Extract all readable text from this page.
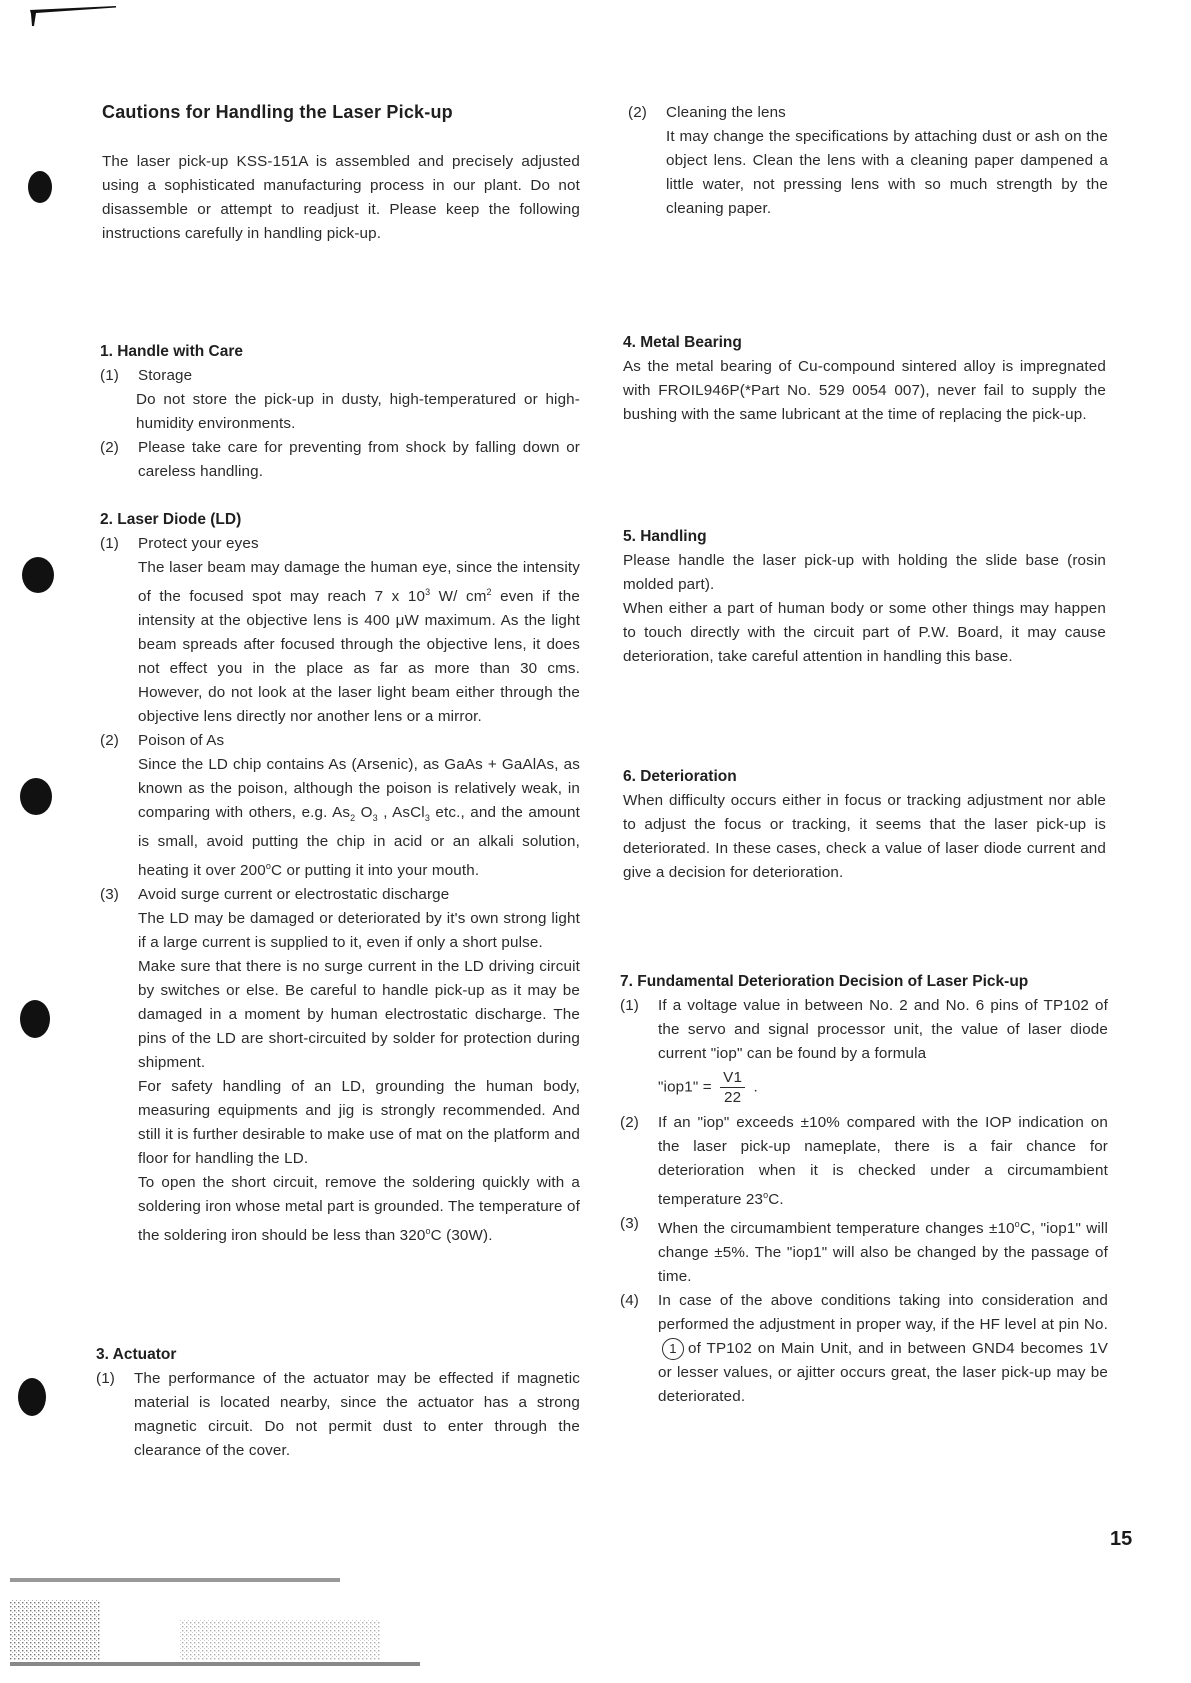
Cautions for Handling the Laser Pick-up
The laser pick-up KSS-151A is assembled and precisely adjusted using a sophisticated manufacturing process in our plant. Do not disassemble or attempt to readjust it. Please keep the following instructions carefully in handling pick-up.
1. Handle with Care
(1)	Storage
Do not store the pick-up in dusty, high-temperatured or high-humidity environments.
(2)	Please take care for preventing from shock by falling down or careless handling.
2. Laser Diode (LD)
(1)	Protect your eyes
The laser beam may damage the human eye, since the intensity of the focused spot may reach 7 x $10^3$ W/ $cm^2$ even if the intensity at the objective lens is 400 μW maximum. As the light beam spreads after focused through the objective lens, it does not effect you in the place as far as more than 30 cms. However, do not look at the laser light beam either through the objective lens directly nor another lens or a mirror.
(2)	Poison of As
Since the LD chip contains As (Arsenic), as GaAs + GaAlAs, as known as the poison, although the poison is relatively weak, in comparing with others, e.g. $As_2$ $O_3$ , AsCl$_3$ etc., and the amount is small, avoid putting the chip in acid or an alkali solution, heating it over 200$^o$C or putting it into your mouth.
(3)	Avoid surge current or electrostatic discharge
The LD may be damaged or deteriorated by it's own strong light if a large current is supplied to it, even if only a short pulse.
Make sure that there is no surge current in the LD driving circuit by switches or else. Be careful to handle pick-up as it may be damaged in a moment by human electrostatic discharge. The pins of the LD are short-circuited by solder for protection during shipment.
For safety handling of an LD, grounding the human body, measuring equipments and jig is strongly recommended. And still it is further desirable to make use of mat on the platform and floor for handling the LD.
To open the short circuit, remove the soldering quickly with a soldering iron whose metal part is grounded. The temperature of the soldering iron should be less than 320$^o$C (30W).
3. Actuator
(1)	The performance of the actuator may be effected if magnetic material is located nearby, since the actuator has a strong magnetic circuit. Do not permit dust to enter through the clearance of the cover.
(2)	Cleaning the lens
It may change the specifications by attaching dust or ash on the object lens. Clean the lens with a cleaning paper dampened a little water, not pressing lens with so much strength by the cleaning paper.
4. Metal Bearing
As the metal bearing of Cu-compound sintered alloy is impregnated with FROIL946P(*Part No. 529 0054 007), never fail to supply the bushing with the same lubricant at the time of replacing the pick-up.
5. Handling
Please handle the laser pick-up with holding the slide base (rosin molded part).
When either a part of human body or some other things may happen to touch directly with the circuit part of P.W. Board, it may cause deterioration, take careful attention in handling this base.
6. Deterioration
When difficulty occurs either in focus or tracking adjustment nor able to adjust the focus or tracking, it seems that the laser pick-up is deteriorated. In these cases, check a value of laser diode current and give a decision for deterioration.
7. Fundamental Deterioration Decision of Laser Pick-up
(1)	If a voltage value in between No. 2 and No. 6 pins of TP102 of the servo and signal processor unit, the value of laser diode current "iop" can be found by a formula
"iop1" = $\frac{V1}{22}$ .
(2)	If an "iop" exceeds ±10% compared with the IOP indication on the laser pick-up nameplate, there is a fair chance for deterioration when it is checked under a circumambient temperature 23$^o$C.
(3)	When the circumambient temperature changes $\pm 10^oC$, "iop1" will change ±5%. The "iop1" will also be changed by the passage of time.
(4)	In case of the above conditions taking into consideration and performed the adjustment in proper way, if the HF level at pin No.1 of TP102 on Main Unit, and in between GND4 becomes 1V or lesser values, or ajitter occurs great, the laser pick-up may be deteriorated.
15
